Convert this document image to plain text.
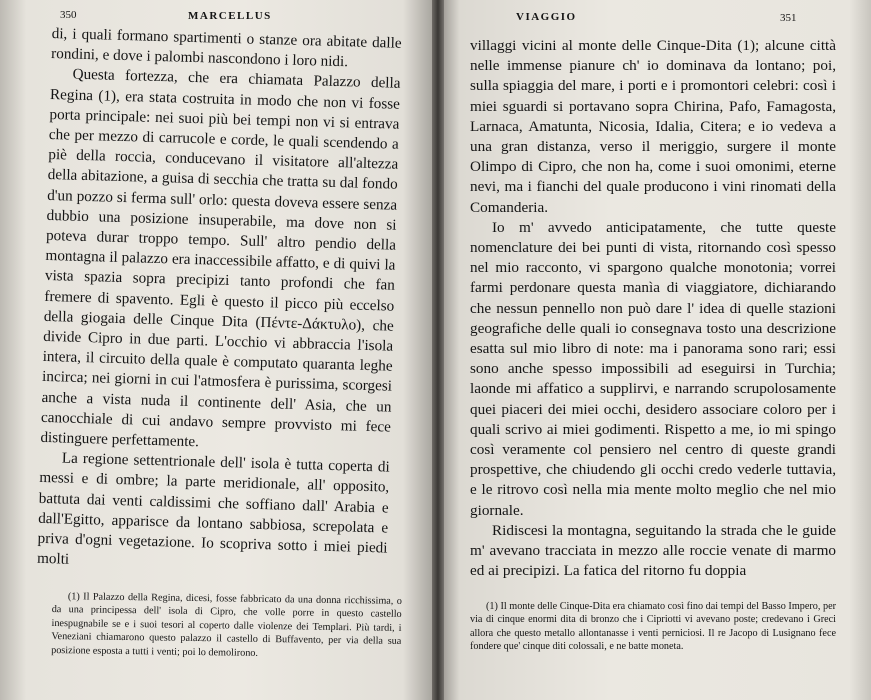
350	MARCELLUS

di, i quali formano spartimenti o stanze ora abitate dalle rondini, e dove i palombi nascondono i loro nidi.

Questa fortezza, che era chiamata Palazzo della Regina (1), era stata costruita in modo che non vi fosse porta principale: nei suoi più bei tempi non vi si entrava che per mezzo di carrucole e corde, le quali scendendo a piè della roccia, conducevano il visitatore all'altezza della abitazione, a guisa di secchia che tratta su dal fondo d'un pozzo si ferma sull' orlo: questa doveva essere senza dubbio una posizione insuperabile, ma dove non si poteva durar troppo tempo. Sull' altro pendio della montagna il palazzo era inaccessibile affatto, e di quivi la vista spazia sopra precipizi tanto profondi che fan fremere di spavento. Egli è questo il picco più eccelso della giogaia delle Cinque Dita (Πέντε-Δάκτυλο), che divide Cipro in due parti. L'occhio vi abbraccia l'isola intera, il circuito della quale è computato quaranta leghe incirca; nei giorni in cui l'atmosfera è purissima, scorgesi anche a vista nuda il continente dell' Asia, che un canocchiale di cui andavo sempre provvisto mi fece distinguere perfettamente.

La regione settentrionale dell' isola è tutta coperta di messi e di ombre; la parte meridionale, all' opposito, battuta dai venti caldissimi che soffiano dall' Arabia e dall'Egitto, apparisce da lontano sabbiosa, screpolata e priva d'ogni vegetazione. Io scopriva sotto i miei piedi molti

(1) Il Palazzo della Regina, dicesi, fosse fabbricato da una donna ricchissima, o da una principessa dell' isola di Cipro, che volle porre in questo castello inespugnabile se e i suoi tesori al coperto dalle violenze dei Templari. Più tardi, i Veneziani chiamarono questo palazzo il castello di Buffavento, per via della sua posizione esposta a tutti i venti; poi lo demolirono.

VIAGGIO	351

villaggi vicini al monte delle Cinque-Dita (1); alcune città nelle immense pianure ch' io dominava da lontano; poi, sulla spiaggia del mare, i porti e i promontori celebri: così i miei sguardi si portavano sopra Chirina, Pafo, Famagosta, Larnaca, Amatunta, Nicosia, Idalia, Citera; e io vedeva a una gran distanza, verso il meriggio, surgere il monte Olimpo di Cipro, che non ha, come i suoi omonimi, eterne nevi, ma i fianchi del quale producono i vini rinomati della Comanderia.

Io m' avvedo anticipatamente, che tutte queste nomenclature dei bei punti di vista, ritornando così spesso nel mio racconto, vi spargono qualche monotonia; vorrei farmi perdonare questa manìa di viaggiatore, dichiarando che nessun pennello non può dare l' idea di quelle stazioni geografiche delle quali io consegnava tosto una descrizione esatta sul mio libro di note: ma i panorama sono rari; essi sono anche spesso impossibili ad eseguirsi in Turchia; laonde mi affatico a supplirvi, e narrando scrupolosamente quei piaceri dei miei occhi, desidero associare coloro per i quali scrivo ai miei godimenti. Rispetto a me, io mi spingo così veramente col pensiero nel centro di queste grandi prospettive, che chiudendo gli occhi credo vederle tuttavia, e le ritrovo così nella mia mente molto meglio che nel mio giornale.

Ridiscesi la montagna, seguitando la strada che le guide m' avevano tracciata in mezzo alle roccie venate di marmo ed ai precipizi. La fatica del ritorno fu doppia

(1) Il monte delle Cinque-Dita era chiamato così fino dai tempi del Basso Impero, per via di cinque enormi dita di bronzo che i Cipriotti vi avevano poste; credevano i Greci allora che questo metallo allontanasse i venti perniciosi. Il re Jacopo di Lusignano fece fondere que' cinque diti colossali, e ne batte moneta.
